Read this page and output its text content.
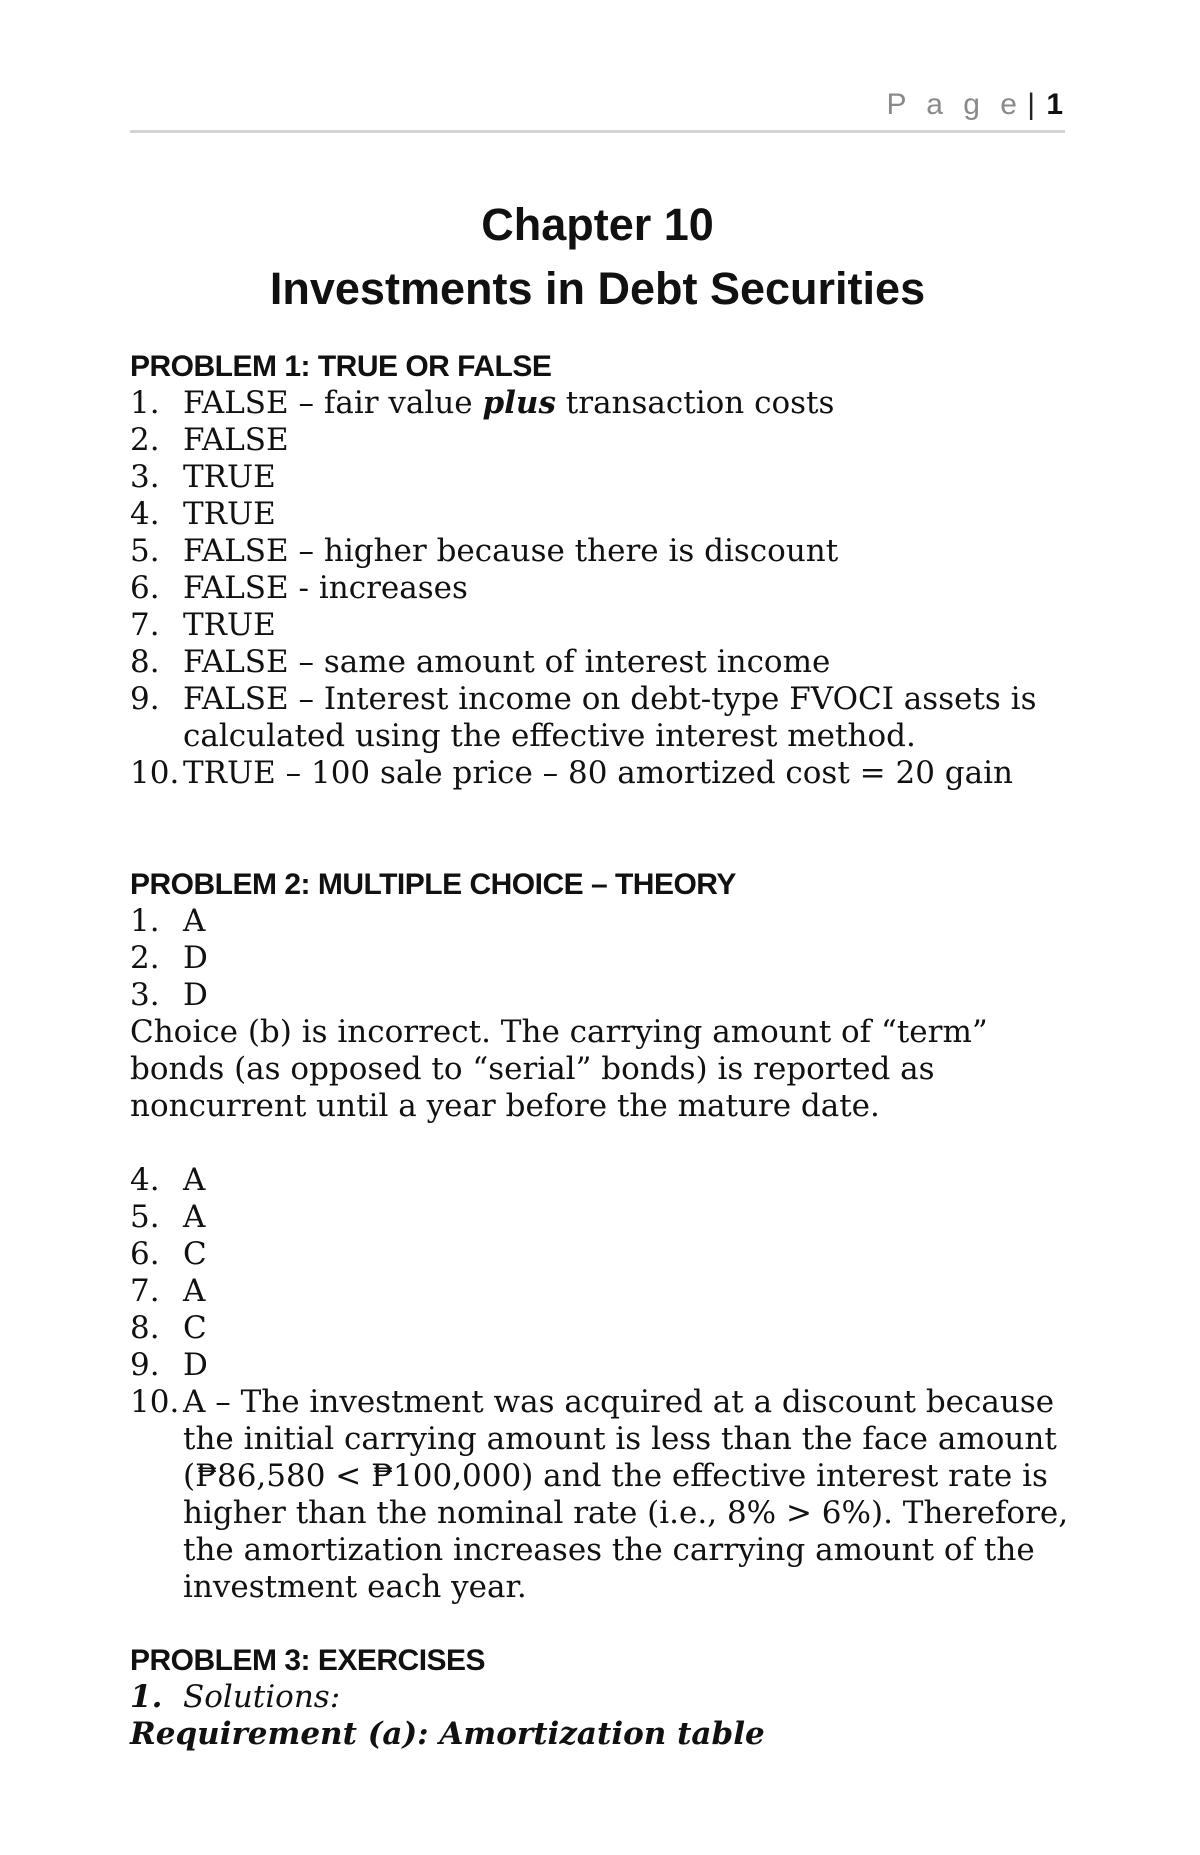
P a g e | 1
Chapter 10
Investments in Debt Securities
PROBLEM 1: TRUE OR FALSE
1. FALSE – fair value plus transaction costs
2. FALSE
3. TRUE
4. TRUE
5. FALSE – higher because there is discount
6. FALSE - increases
7. TRUE
8. FALSE – same amount of interest income
9. FALSE – Interest income on debt-type FVOCI assets is calculated using the effective interest method.
10. TRUE – 100 sale price – 80 amortized cost = 20 gain
PROBLEM 2: MULTIPLE CHOICE – THEORY
1. A
2. D
3. D
Choice (b) is incorrect. The carrying amount of “term” bonds (as opposed to “serial” bonds) is reported as noncurrent until a year before the mature date.
4. A
5. A
6. C
7. A
8. C
9. D
10. A – The investment was acquired at a discount because the initial carrying amount is less than the face amount (₱86,580 < ₱100,000) and the effective interest rate is higher than the nominal rate (i.e., 8% > 6%). Therefore, the amortization increases the carrying amount of the investment each year.
PROBLEM 3: EXERCISES
1. Solutions:
Requirement (a): Amortization table
